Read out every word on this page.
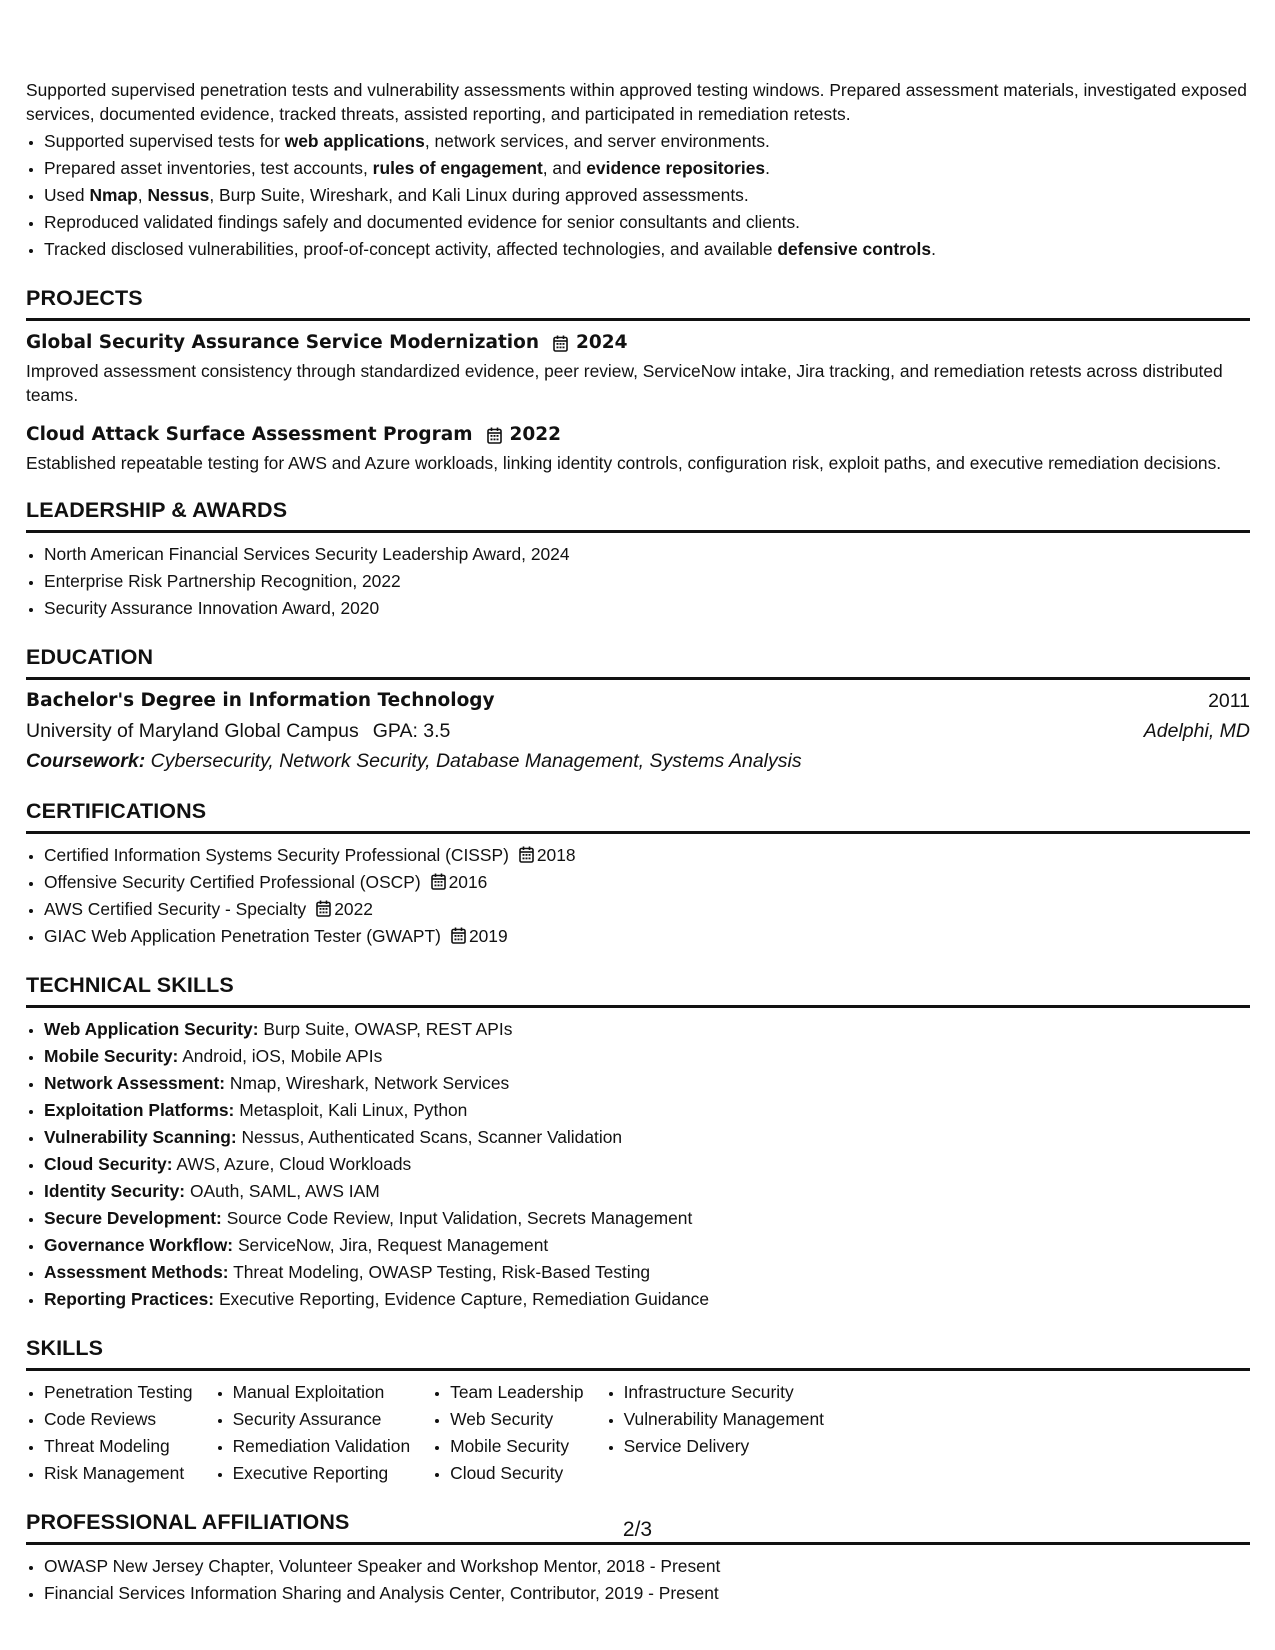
Supported supervised penetration tests and vulnerability assessments within approved testing windows. Prepared assessment materials, investigated exposed services, documented evidence, tracked threats, assisted reporting, and participated in remediation retests.

• Supported supervised tests for web applications, network services, and server environments.
• Prepared asset inventories, test accounts, rules of engagement, and evidence repositories.
• Used Nmap, Nessus, Burp Suite, Wireshark, and Kali Linux during approved assessments.
• Reproduced validated findings safely and documented evidence for senior consultants and clients.
• Tracked disclosed vulnerabilities, proof-of-concept activity, affected technologies, and available defensive controls.
PROJECTS
Global Security Assurance Service Modernization 2024

Improved assessment consistency through standardized evidence, peer review, ServiceNow intake, Jira tracking, and remediation retests across distributed teams.

Cloud Attack Surface Assessment Program 2022

Established repeatable testing for AWS and Azure workloads, linking identity controls, configuration risk, exploit paths, and executive remediation decisions.

LEADERSHIP & AWARDS
• North American Financial Services Security Leadership Award, 2024
• Enterprise Risk Partnership Recognition, 2022
• Security Assurance Innovation Award, 2020
EDUCATION
Bachelor's Degree in Information Technology	2011
University of Maryland Global Campus GPA: 3.5	Adelphi, MD
Coursework: Cybersecurity, Network Security, Database Management, Systems Analysis
CERTIFICATIONS
• Certified Information Systems Security Professional (CISSP) 2018
• Offensive Security Certified Professional (OSCP) 2016
• AWS Certified Security - Specialty 2022
• GIAC Web Application Penetration Tester (GWAPT) 2019
TECHNICAL SKILLS
• Web Application Security: Burp Suite, OWASP, REST APIs
• Mobile Security: Android, iOS, Mobile APIs
• Network Assessment: Nmap, Wireshark, Network Services
• Exploitation Platforms: Metasploit, Kali Linux, Python
• Vulnerability Scanning: Nessus, Authenticated Scans, Scanner Validation
• Cloud Security: AWS, Azure, Cloud Workloads
• Identity Security: OAuth, SAML, AWS IAM
• Secure Development: Source Code Review, Input Validation, Secrets Management
• Governance Workflow: ServiceNow, Jira, Request Management
• Assessment Methods: Threat Modeling, OWASP Testing, Risk-Based Testing
• Reporting Practices: Executive Reporting, Evidence Capture, Remediation Guidance
SKILLS
• Penetration Testing
• Code Reviews
• Threat Modeling
• Risk Management
• Manual Exploitation
• Security Assurance
• Remediation Validation
• Executive Reporting
• Team Leadership
• Web Security
• Mobile Security
• Cloud Security
• Infrastructure Security
• Vulnerability Management
• Service Delivery
PROFESSIONAL AFFILIATIONS
• OWASP New Jersey Chapter, Volunteer Speaker and Workshop Mentor, 2018 - Present
• Financial Services Information Sharing and Analysis Center, Contributor, 2019 - Present
2/3
